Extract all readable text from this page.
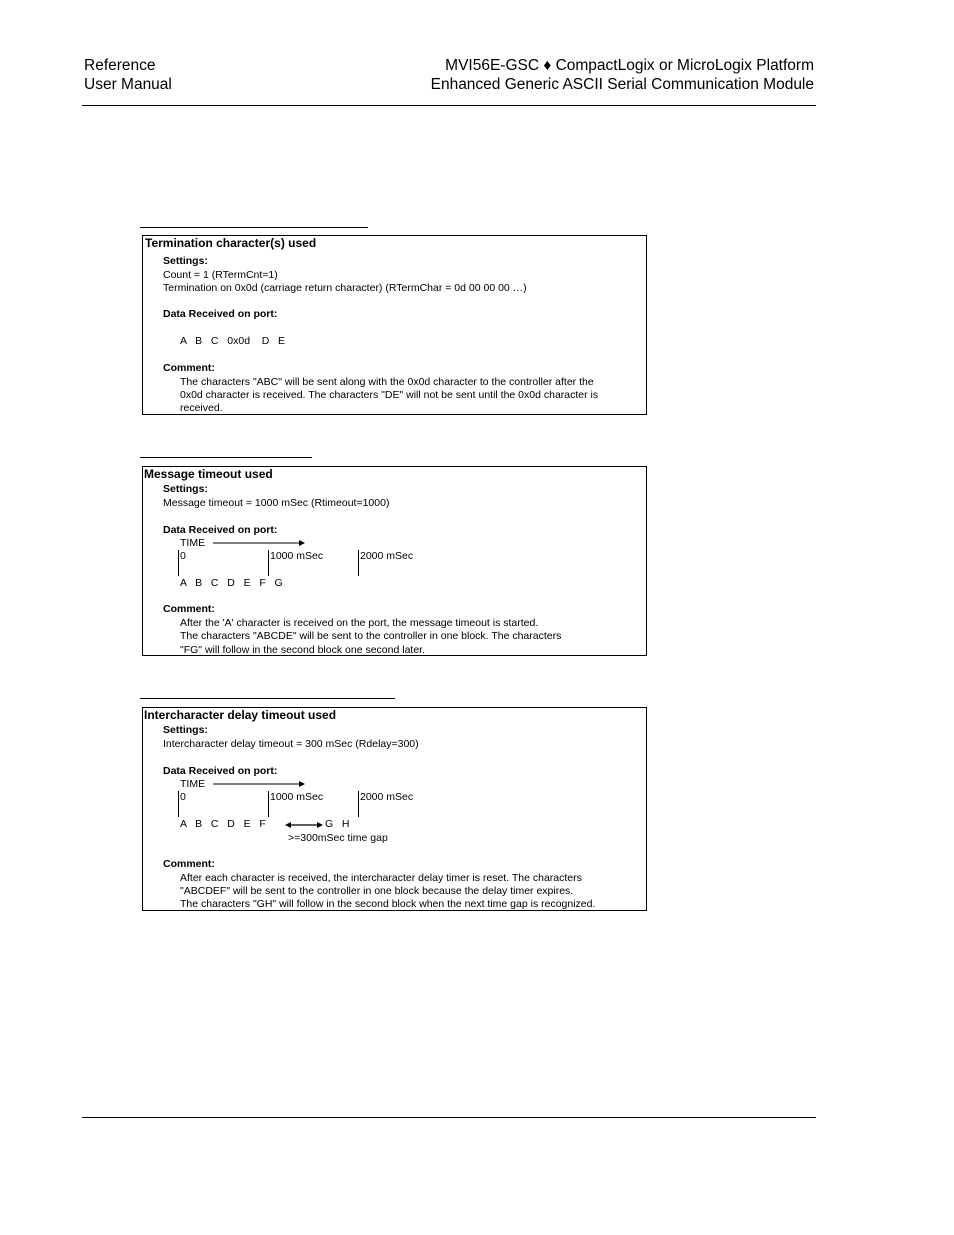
Reference
User Manual
MVI56E-GSC ♦ CompactLogix or MicroLogix Platform
Enhanced Generic ASCII Serial Communication Module
Termination character(s) used
Settings:
Count = 1 (RTermCnt=1)
Termination on 0x0d (carriage return character) (RTermChar = 0d 00 00 00 …)
Data Received on port:
A   B   C   0x0d    D   E
Comment:
The characters "ABC" will be sent along with the 0x0d character to the controller after the
0x0d character is received. The characters "DE" will not be sent until the 0x0d character is
received.
Message timeout used
Settings:
Message timeout = 1000 mSec (Rtimeout=1000)
Data Received on port:
TIME
0	1000 mSec	2000 mSec
A   B   C   D   E   F   G
Comment:
After the 'A' character is received on the port, the message timeout is started.
The characters "ABCDE" will be sent to the controller in one block. The characters
"FG" will follow in the second block one second later.
Intercharacter delay timeout used
Settings:
Intercharacter delay timeout = 300 mSec (Rdelay=300)
Data Received on port:
TIME
0	1000 mSec	2000 mSec
A   B   C   D   E   F	G   H
>=300mSec time gap
Comment:
After each character is received, the intercharacter delay timer is reset. The characters
"ABCDEF" will be sent to the controller in one block because the delay timer expires.
The characters "GH" will follow in the second block when the next time gap is recognized.
